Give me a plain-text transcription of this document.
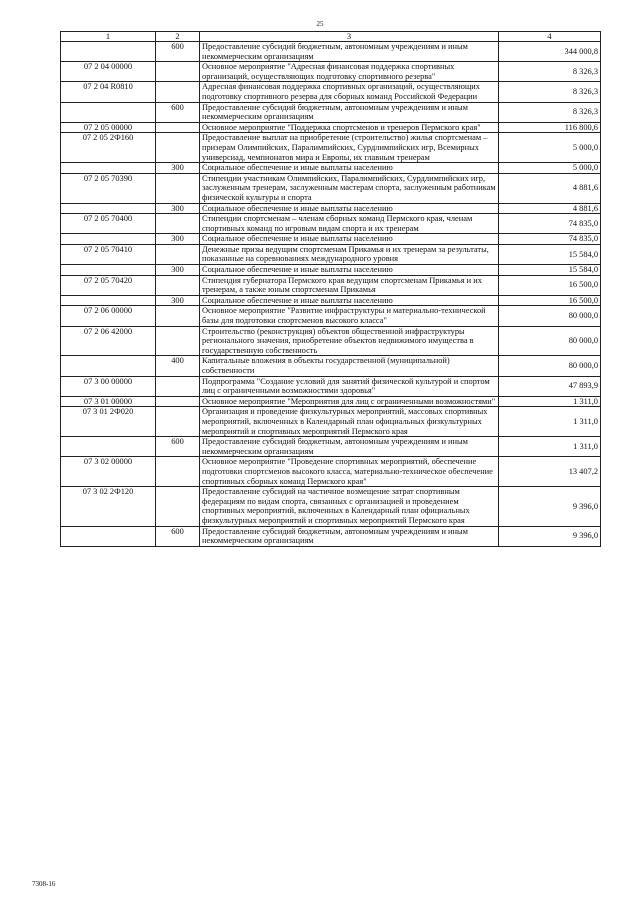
25
1	2	3	4
	600	Предоставление субсидий бюджетным, автономным учреждениям и иным некоммерческим организациям	344 000,8
07 2 04 00000		Основное мероприятие "Адресная финансовая поддержка спортивных организаций, осуществляющих подготовку спортивного резерва"	8 326,3
07 2 04 R0810		Адресная финансовая поддержка спортивных организаций, осуществляющих подготовку спортивного резерва для сборных команд Российской Федерации	8 326,3
	600	Предоставление субсидий бюджетным, автономным учреждениям и иным некоммерческим организациям	8 326,3
07 2 05 00000		Основное мероприятие "Поддержка спортсменов и тренеров Пермского края"	116 800,6
07 2 05 2Ф160		Предоставление выплат на приобретение (строительство) жилья спортсменам – призерам Олимпийских, Паралимпийских, Сурдлимпийских игр, Всемирных универсиад, чемпионатов мира и Европы, их главным тренерам	5 000,0
	300	Социальное обеспечение и иные выплаты населению	5 000,0
07 2 05 70390		Стипендии участникам Олимпийских, Паралимпийских, Сурдлимпийских игр, заслуженным тренерам, заслуженным мастерам спорта, заслуженным работникам физической культуры и спорта	4 881,6
	300	Социальное обеспечение и иные выплаты населению	4 881,6
07 2 05 70400		Стипендии спортсменам – членам сборных команд Пермского края, членам спортивных команд по игровым видам спорта и их тренерам	74 835,0
	300	Социальное обеспечение и иные выплаты населению	74 835,0
07 2 05 70410		Денежные призы ведущим спортсменам Прикамья и их тренерам за результаты, показанные на соревнованиях международного уровня	15 584,0
	300	Социальное обеспечение и иные выплаты населению	15 584,0
07 2 05 70420		Стипендия губернатора Пермского края ведущим спортсменам Прикамья и их тренерам, а также юным спортсменам Прикамья	16 500,0
	300	Социальное обеспечение и иные выплаты населению	16 500,0
07 2 06 00000		Основное мероприятие "Развитие инфраструктуры и материально-технической базы для подготовки спортсменов высокого класса"	80 000,0
07 2 06 42000		Строительство (реконструкция) объектов общественной инфраструктуры регионального значения, приобретение объектов недвижимого имущества в государственную собственность	80 000,0
	400	Капитальные вложения в объекты государственной (муниципальной) собственности	80 000,0
07 3 00 00000		Подпрограмма "Создание условий для занятий физической культурой и спортом лиц с ограниченными возможностями здоровья"	47 893,9
07 3 01 00000		Основное мероприятие "Мероприятия для лиц с ограниченными возможностями"	1 311,0
07 3 01 2Ф020		Организация и проведение физкультурных мероприятий, массовых спортивных мероприятий, включенных в Календарный план официальных физкультурных мероприятий и спортивных мероприятий Пермского края	1 311,0
	600	Предоставление субсидий бюджетным, автономным учреждениям и иным некоммерческим организациям	1 311,0
07 3 02 00000		Основное мероприятие "Проведение спортивных мероприятий, обеспечение подготовки спортсменов высокого класса, материально-техническое обеспечение спортивных сборных команд Пермского края"	13 407,2
07 3 02 2Ф120		Предоставление субсидий на частичное возмещение затрат спортивным федерациям по видам спорта, связанных с организацией и проведением спортивных мероприятий, включенных в Календарный план официальных физкультурных мероприятий и спортивных мероприятий Пермского края	9 396,0
	600	Предоставление субсидий бюджетным, автономным учреждениям и иным некоммерческим организациям	9 396,0
7308-16
